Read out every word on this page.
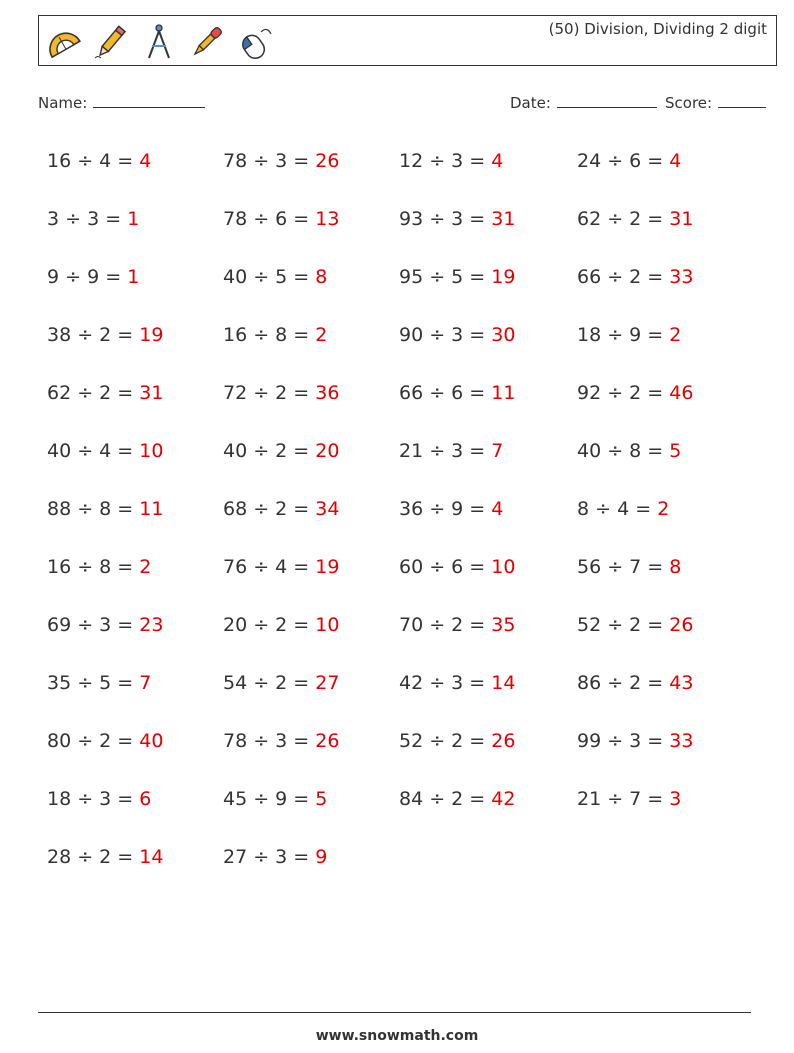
(50) Division, Dividing 2 digit
Name:	Date:	Score:
16 ÷ 4 = 4	78 ÷ 3 = 26	12 ÷ 3 = 4	24 ÷ 6 = 4
3 ÷ 3 = 1	78 ÷ 6 = 13	93 ÷ 3 = 31	62 ÷ 2 = 31
9 ÷ 9 = 1	40 ÷ 5 = 8	95 ÷ 5 = 19	66 ÷ 2 = 33
38 ÷ 2 = 19	16 ÷ 8 = 2	90 ÷ 3 = 30	18 ÷ 9 = 2
62 ÷ 2 = 31	72 ÷ 2 = 36	66 ÷ 6 = 11	92 ÷ 2 = 46
40 ÷ 4 = 10	40 ÷ 2 = 20	21 ÷ 3 = 7	40 ÷ 8 = 5
88 ÷ 8 = 11	68 ÷ 2 = 34	36 ÷ 9 = 4	8 ÷ 4 = 2
16 ÷ 8 = 2	76 ÷ 4 = 19	60 ÷ 6 = 10	56 ÷ 7 = 8
69 ÷ 3 = 23	20 ÷ 2 = 10	70 ÷ 2 = 35	52 ÷ 2 = 26
35 ÷ 5 = 7	54 ÷ 2 = 27	42 ÷ 3 = 14	86 ÷ 2 = 43
80 ÷ 2 = 40	78 ÷ 3 = 26	52 ÷ 2 = 26	99 ÷ 3 = 33
18 ÷ 3 = 6	45 ÷ 9 = 5	84 ÷ 2 = 42	21 ÷ 7 = 3
28 ÷ 2 = 14	27 ÷ 3 = 9
www.snowmath.com
